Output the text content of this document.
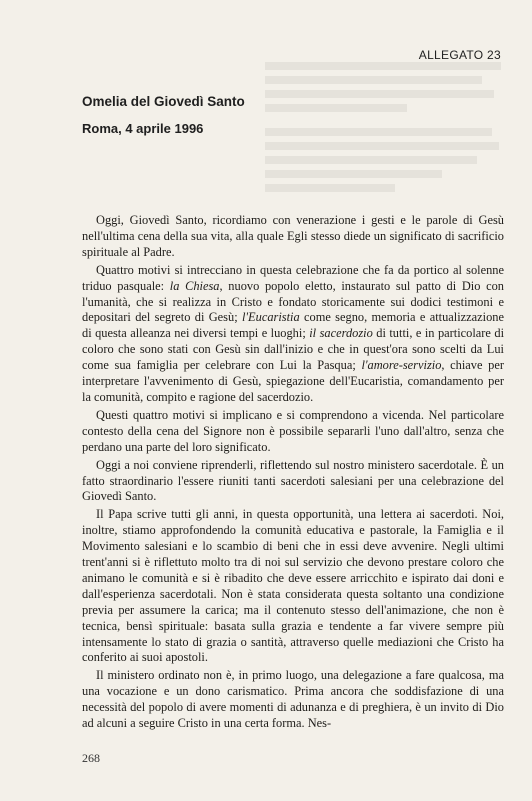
ALLEGATO 23
Omelia del Giovedì Santo
Roma, 4 aprile 1996

Oggi, Giovedì Santo, ricordiamo con venerazione i gesti e le parole di Gesù nell'ultima cena della sua vita, alla quale Egli stesso diede un significato di sacrificio spirituale al Padre.

Quattro motivi si intrecciano in questa celebrazione che fa da portico al solenne triduo pasquale: la Chiesa, nuovo popolo eletto, instaurato sul patto di Dio con l'umanità, che si realizza in Cristo e fondato storicamente sui dodici testimoni e depositari del segreto di Gesù; l'Eucaristia come segno, memoria e attualizzazione di questa alleanza nei diversi tempi e luoghi; il sacerdozio di tutti, e in particolare di coloro che sono stati con Gesù sin dall'inizio e che in quest'ora sono scelti da Lui come sua famiglia per celebrare con Lui la Pasqua; l'amore-servizio, chiave per interpretare l'avvenimento di Gesù, spiegazione dell'Eucaristia, comandamento per la comunità, compito e ragione del sacerdozio.

Questi quattro motivi si implicano e si comprendono a vicenda. Nel particolare contesto della cena del Signore non è possibile separarli l'uno dall'altro, senza che perdano una parte del loro significato.

Oggi a noi conviene riprenderli, riflettendo sul nostro ministero sacerdotale. È un fatto straordinario l'essere riuniti tanti sacerdoti salesiani per una celebrazione del Giovedì Santo.

Il Papa scrive tutti gli anni, in questa opportunità, una lettera ai sacerdoti. Noi, inoltre, stiamo approfondendo la comunità educativa e pastorale, la Famiglia e il Movimento salesiani e lo scambio di beni che in essi deve avvenire. Negli ultimi trent'anni si è riflettuto molto tra di noi sul servizio che devono prestare coloro che animano le comunità e si è ribadito che deve essere arricchito e ispirato dai doni e dall'esperienza sacerdotali. Non è stata considerata questa soltanto una condizione previa per assumere la carica; ma il contenuto stesso dell'animazione, che non è tecnica, bensì spirituale: basata sulla grazia e tendente a far vivere sempre più intensamente lo stato di grazia o santità, attraverso quelle mediazioni che Cristo ha conferito ai suoi apostoli.

Il ministero ordinato non è, in primo luogo, una delegazione a fare qualcosa, ma una vocazione e un dono carismatico. Prima ancora che soddisfazione di una necessità del popolo di avere momenti di adunanza e di preghiera, è un invito di Dio ad alcuni a seguire Cristo in una certa forma. Nes-

268
